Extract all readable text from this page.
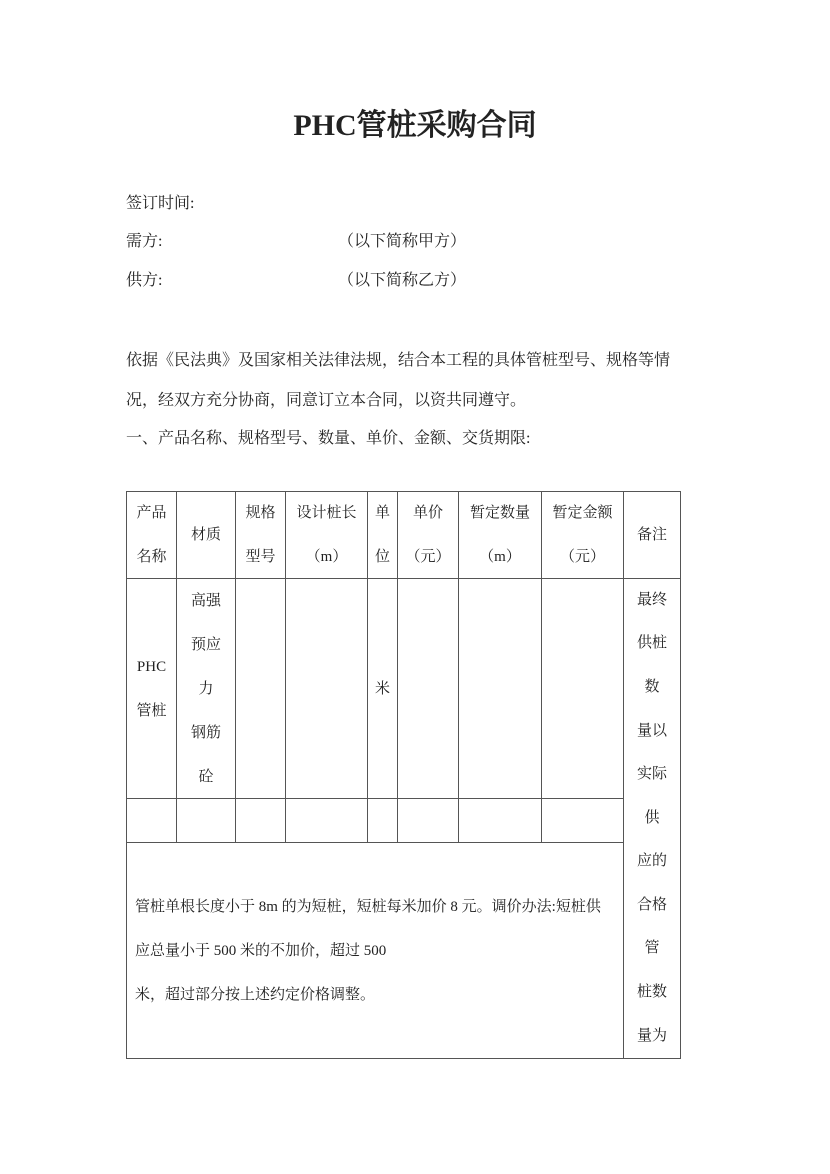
PHC管桩采购合同
签订时间:
需方:	（以下简称甲方）
供方:	（以下简称乙方）
依据《民法典》及国家相关法律法规，结合本工程的具体管桩型号、规格等情
况，经双方充分协商，同意订立本合同，以资共同遵守。
一、产品名称、规格型号、数量、单价、金额、交货期限:
产品
名称
材质
规格
型号
设计桩长
（m）
单
位
单价
（元）
暂定数量
（m）
暂定金额
（元）
备注
PHC
管桩
高强
预应
力
钢筋
砼
米
最终
供桩
数
量以
实际
供
应的
合格
管
桩数
量为
管桩单根长度小于 8m 的为短桩，短桩每米加价 8 元。调价办法:短桩供
应总量小于 500 米的不加价，超过 500
米，超过部分按上述约定价格调整。
